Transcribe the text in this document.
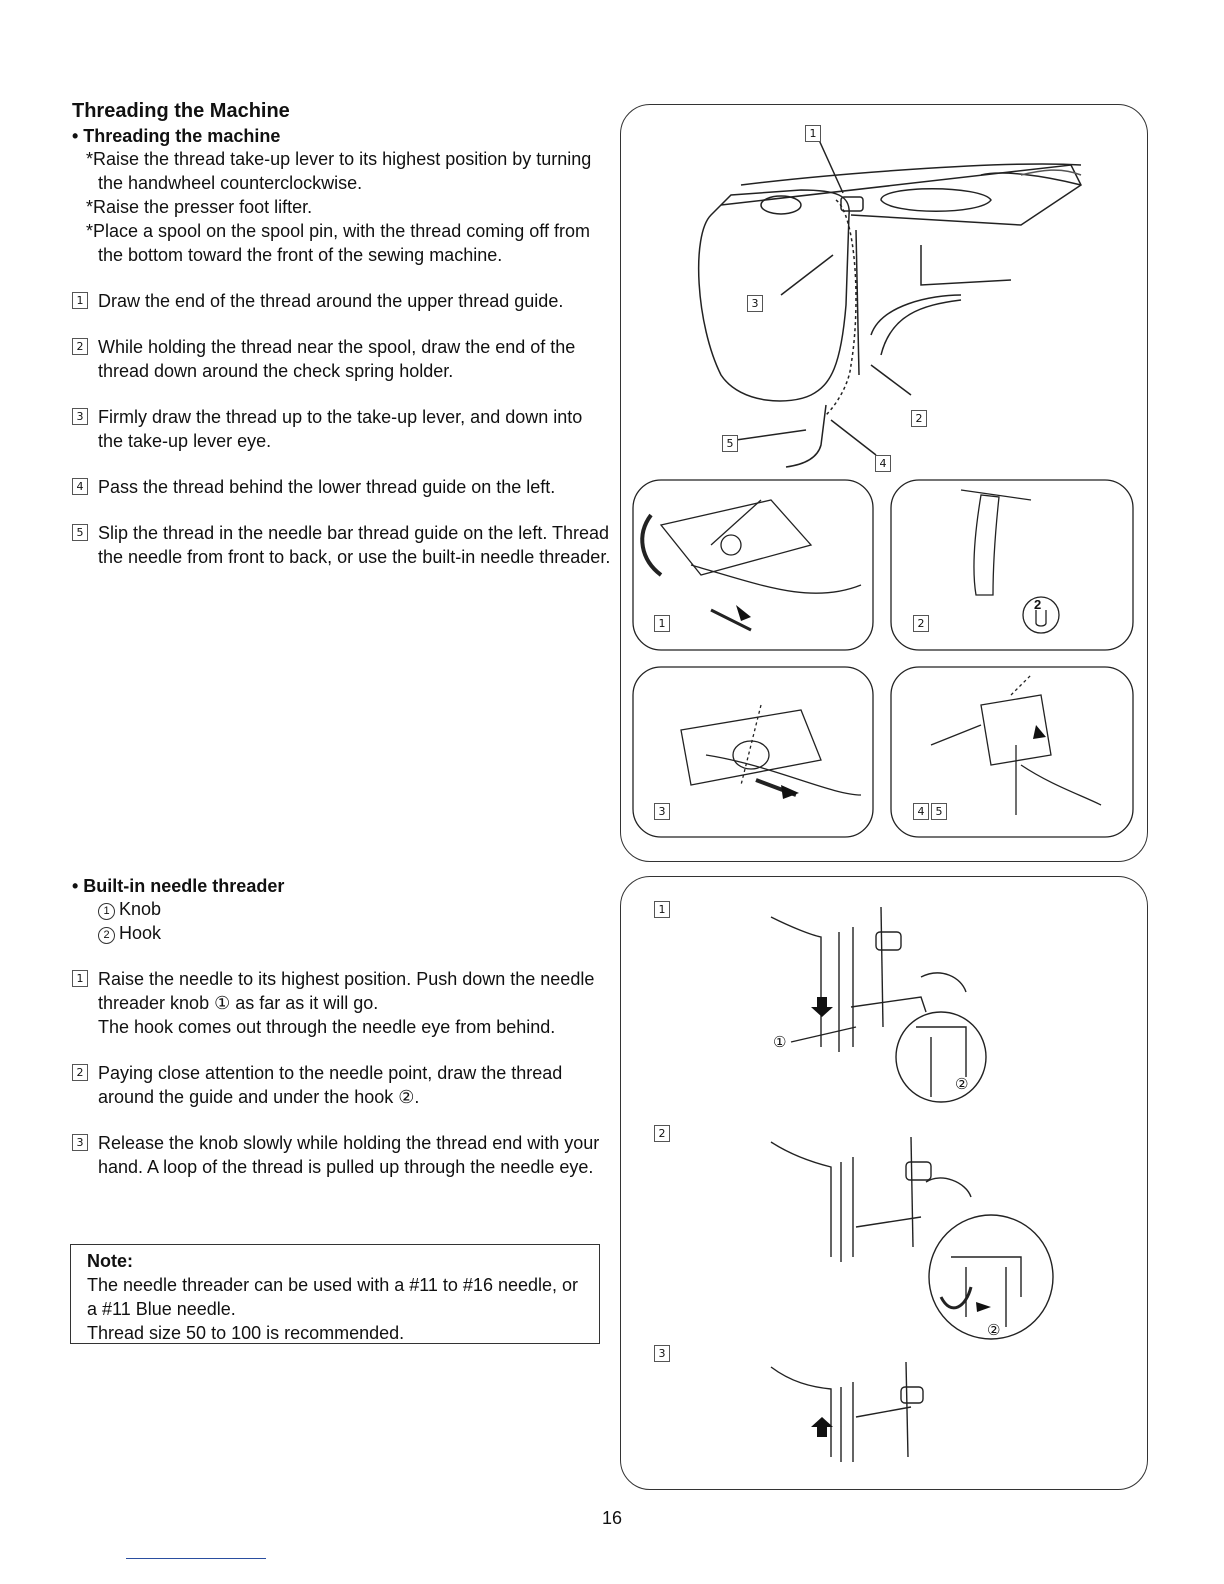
Threading the Machine

• Threading the machine

*Raise the thread take-up lever to its highest position by turning the handwheel counterclockwise.
*Raise the presser foot lifter.
*Place a spool on the spool pin, with the thread coming off from the bottom toward the front of the sewing machine.
1 Draw the end of the thread around the upper thread guide.
2 While holding the thread near the spool, draw the end of the thread down around the check spring holder.
3 Firmly draw the thread up to the take-up lever, and down into the take-up lever eye.
4 Pass the thread behind the lower thread guide on the left.
5 Slip the thread in the needle bar thread guide on the left. Thread the needle from front to back, or use the built-in needle threader.

• Built-in needle threader

1 Knob
2 Hook
1 Raise the needle to its highest position. Push down the needle threader knob ① as far as it will go.
The hook comes out through the needle eye from behind.
2 Paying close attention to the needle point, draw the thread around the guide and under the hook ②.
3 Release the knob slowly while holding the thread end with your hand. A loop of the thread is pulled up through the needle eye.
Note:
The needle threader can be used with a #11 to #16 needle, or a #11 Blue needle.
Thread size 50 to 100 is recommended.
1
3
2
5
4
1	2
2
3	4	5
1
2
3
①
②
②
16
